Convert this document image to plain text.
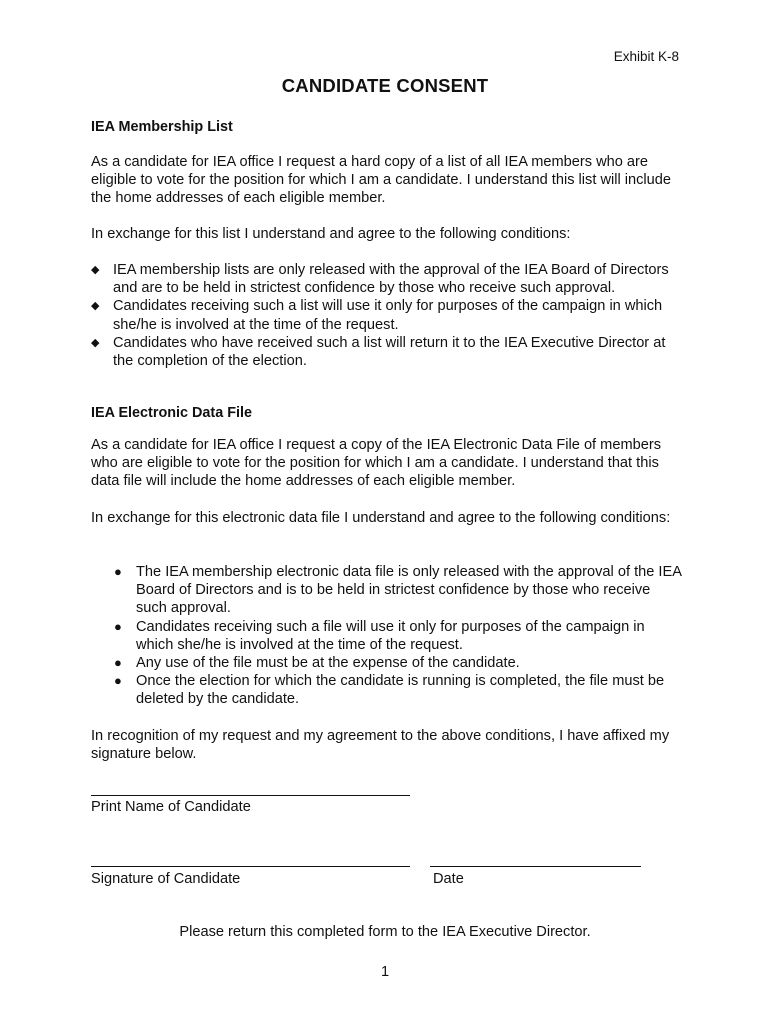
Exhibit K-8
CANDIDATE CONSENT
IEA Membership List

As a candidate for IEA office I request a hard copy of a list of all IEA members who are eligible to vote for the position for which I am a candidate. I understand this list will include the home addresses of each eligible member.

In exchange for this list I understand and agree to the following conditions:

◆ IEA membership lists are only released with the approval of the IEA Board of Directors and are to be held in strictest confidence by those who receive such approval.
◆ Candidates receiving such a list will use it only for purposes of the campaign in which she/he is involved at the time of the request.
◆ Candidates who have received such a list will return it to the IEA Executive Director at the completion of the election.
IEA Electronic Data File

As a candidate for IEA office I request a copy of the IEA Electronic Data File of members who are eligible to vote for the position for which I am a candidate. I understand that this data file will include the home addresses of each eligible member.

In exchange for this electronic data file I understand and agree to the following conditions:

● The IEA membership electronic data file is only released with the approval of the IEA Board of Directors and is to be held in strictest confidence by those who receive such approval.
● Candidates receiving such a file will use it only for purposes of the campaign in which she/he is involved at the time of the request.
● Any use of the file must be at the expense of the candidate.
● Once the election for which the candidate is running is completed, the file must be deleted by the candidate.

In recognition of my request and my agreement to the above conditions, I have affixed my signature below.

Print Name of Candidate
Signature of Candidate	Date
Please return this completed form to the IEA Executive Director.
1
